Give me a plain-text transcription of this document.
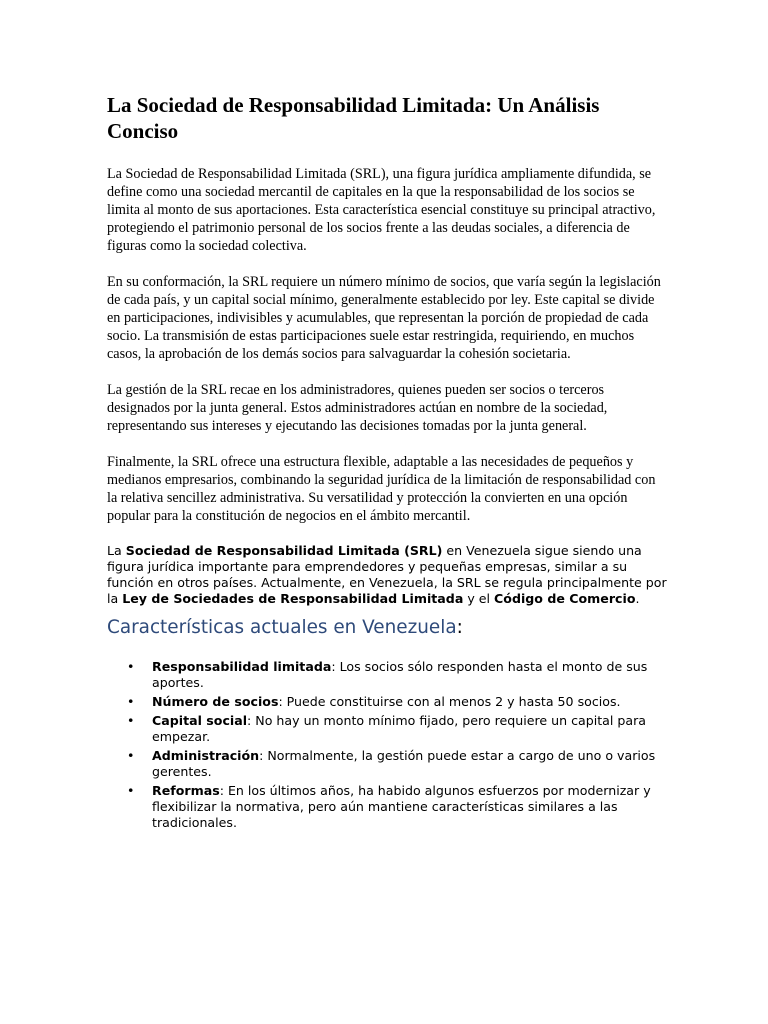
La Sociedad de Responsabilidad Limitada: Un Análisis Conciso

La Sociedad de Responsabilidad Limitada (SRL), una figura jurídica ampliamente difundida, se define como una sociedad mercantil de capitales en la que la responsabilidad de los socios se limita al monto de sus aportaciones. Esta característica esencial constituye su principal atractivo, protegiendo el patrimonio personal de los socios frente a las deudas sociales, a diferencia de figuras como la sociedad colectiva.

En su conformación, la SRL requiere un número mínimo de socios, que varía según la legislación de cada país, y un capital social mínimo, generalmente establecido por ley. Este capital se divide en participaciones, indivisibles y acumulables, que representan la porción de propiedad de cada socio. La transmisión de estas participaciones suele estar restringida, requiriendo, en muchos casos, la aprobación de los demás socios para salvaguardar la cohesión societaria.

La gestión de la SRL recae en los administradores, quienes pueden ser socios o terceros designados por la junta general. Estos administradores actúan en nombre de la sociedad, representando sus intereses y ejecutando las decisiones tomadas por la junta general.

Finalmente, la SRL ofrece una estructura flexible, adaptable a las necesidades de pequeños y medianos empresarios, combinando la seguridad jurídica de la limitación de responsabilidad con la relativa sencillez administrativa. Su versatilidad y protección la convierten en una opción popular para la constitución de negocios en el ámbito mercantil.

La Sociedad de Responsabilidad Limitada (SRL) en Venezuela sigue siendo una figura jurídica importante para emprendedores y pequeñas empresas, similar a su función en otros países. Actualmente, en Venezuela, la SRL se regula principalmente por la Ley de Sociedades de Responsabilidad Limitada y el Código de Comercio.

Características actuales en Venezuela:
• Responsabilidad limitada: Los socios sólo responden hasta el monto de sus aportes.
• Número de socios: Puede constituirse con al menos 2 y hasta 50 socios.
• Capital social: No hay un monto mínimo fijado, pero requiere un capital para empezar.
• Administración: Normalmente, la gestión puede estar a cargo de uno o varios gerentes.
• Reformas: En los últimos años, ha habido algunos esfuerzos por modernizar y flexibilizar la normativa, pero aún mantiene características similares a las tradicionales.
